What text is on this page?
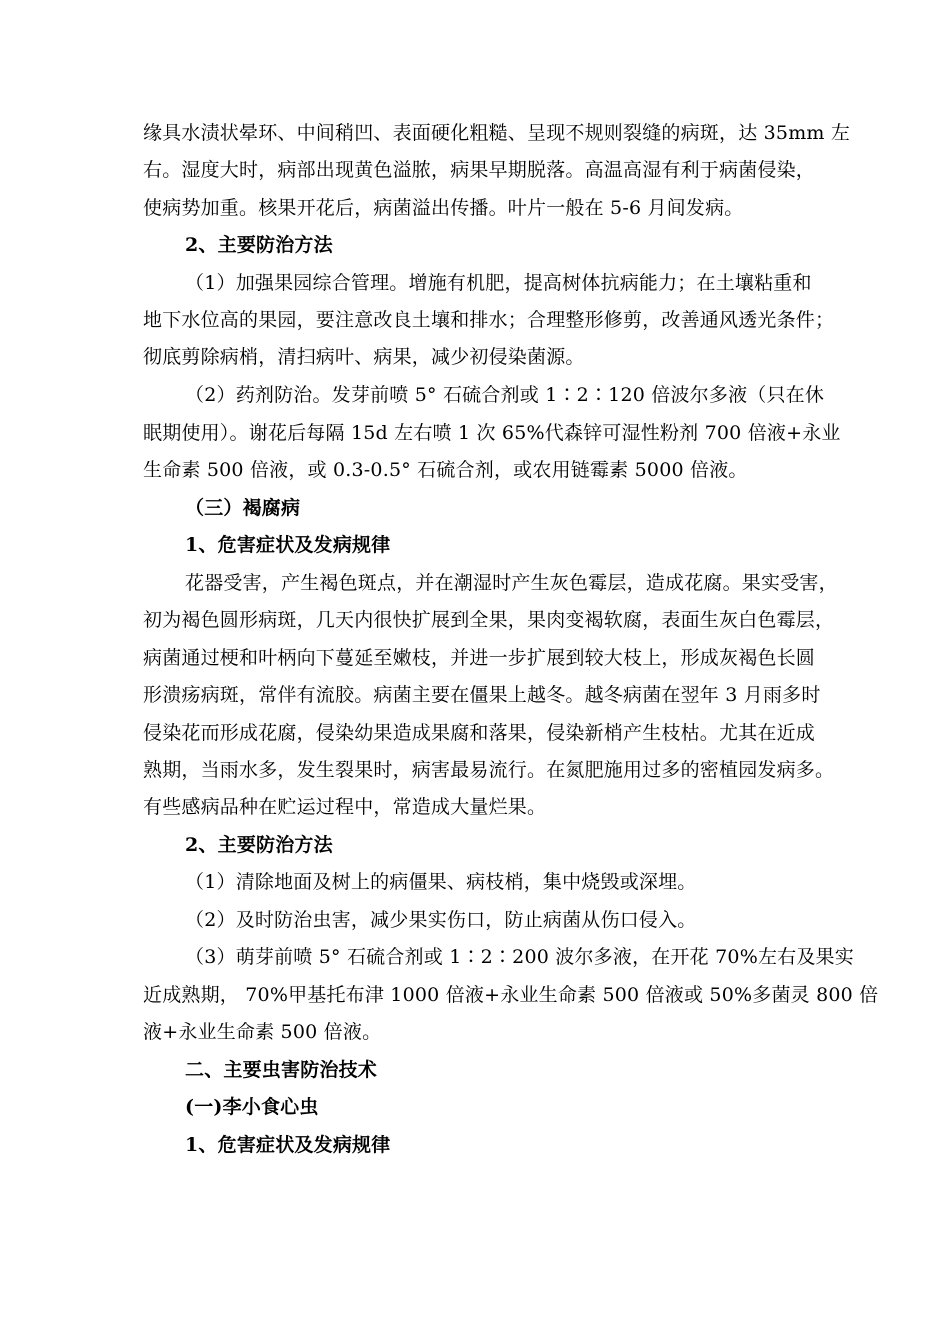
缘具水渍状晕环、中间稍凹、表面硬化粗糙、呈现不规则裂缝的病斑，达 35mm 左
右。湿度大时，病部出现黄色溢脓，病果早期脱落。高温高湿有利于病菌侵染，
使病势加重。核果开花后，病菌溢出传播。叶片一般在 5-6 月间发病。
2、主要防治方法
（1）加强果园综合管理。增施有机肥，提高树体抗病能力；在土壤粘重和
地下水位高的果园，要注意改良土壤和排水；合理整形修剪，改善通风透光条件；
彻底剪除病梢，清扫病叶、病果，减少初侵染菌源。
（2）药剂防治。发芽前喷 5° 石硫合剂或 1∶2∶120 倍波尔多液（只在休
眠期使用）。谢花后每隔 15d 左右喷 1 次 65%代森锌可湿性粉剂 700 倍液+永业
生命素 500 倍液，或 0.3-0.5° 石硫合剂，或农用链霉素 5000 倍液。
（三）褐腐病
1、危害症状及发病规律
花器受害，产生褐色斑点，并在潮湿时产生灰色霉层，造成花腐。果实受害，
初为褐色圆形病斑，几天内很快扩展到全果，果肉变褐软腐，表面生灰白色霉层，
病菌通过梗和叶柄向下蔓延至嫩枝，并进一步扩展到较大枝上，形成灰褐色长圆
形溃疡病斑，常伴有流胶。病菌主要在僵果上越冬。越冬病菌在翌年 3 月雨多时
侵染花而形成花腐，侵染幼果造成果腐和落果，侵染新梢产生枝枯。尤其在近成
熟期，当雨水多，发生裂果时，病害最易流行。在氮肥施用过多的密植园发病多。
有些感病品种在贮运过程中，常造成大量烂果。
2、主要防治方法
（1）清除地面及树上的病僵果、病枝梢，集中烧毁或深埋。
（2）及时防治虫害，减少果实伤口，防止病菌从伤口侵入。
（3）萌芽前喷 5° 石硫合剂或 1∶2∶200 波尔多液，在开花 70%左右及果实
近成熟期， 70%甲基托布津 1000 倍液+永业生命素 500 倍液或 50%多菌灵 800 倍
液+永业生命素 500 倍液。
二、主要虫害防治技术
(一)李小食心虫
1、危害症状及发病规律
